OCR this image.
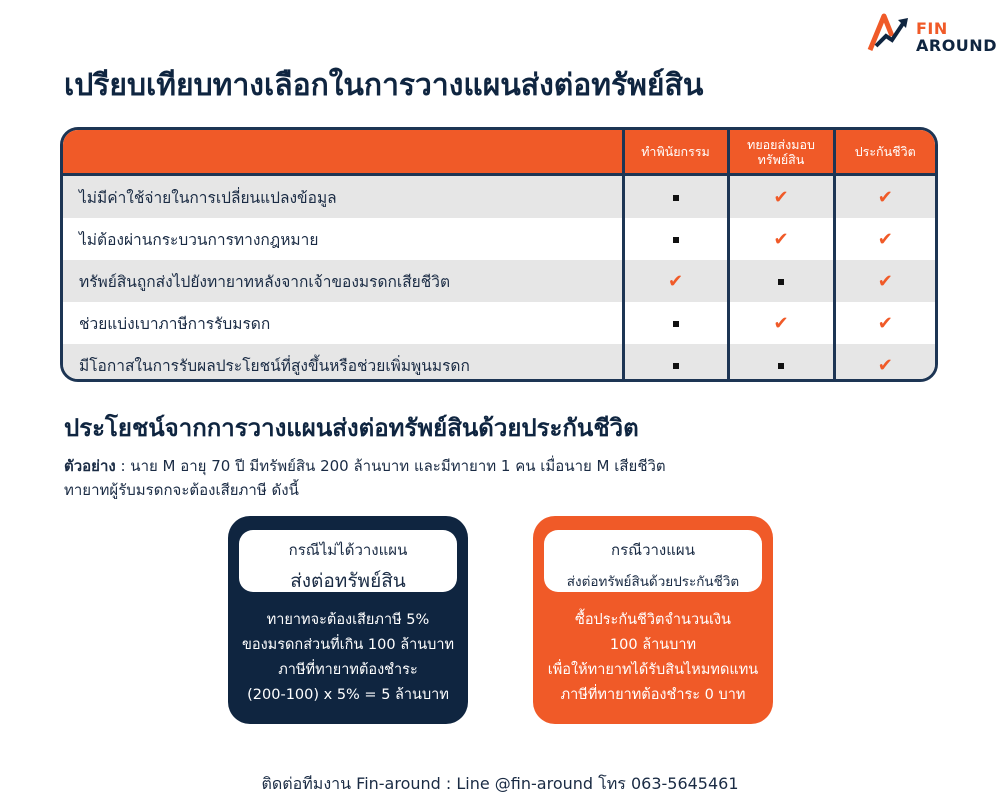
FIN
AROUND
เปรียบเทียบทางเลือกในการวางแผนส่งต่อทรัพย์สิน
	ทำพินัยกรรม	ทยอยส่งมอบทรัพย์สิน	ประกันชีวิต
ไม่มีค่าใช้จ่ายในการเปลี่ยนแปลงข้อมูล		✔	✔
ไม่ต้องผ่านกระบวนการทางกฎหมาย		✔	✔
ทรัพย์สินถูกส่งไปยังทายาทหลังจากเจ้าของมรดกเสียชีวิต	✔		✔
ช่วยแบ่งเบาภาษีการรับมรดก		✔	✔
มีโอกาสในการรับผลประโยชน์ที่สูงขึ้นหรือช่วยเพิ่มพูนมรดก			✔
ประโยชน์จากการวางแผนส่งต่อทรัพย์สินด้วยประกันชีวิต

ตัวอย่าง : นาย M อายุ 70 ปี มีทรัพย์สิน 200 ล้านบาท และมีทายาท 1 คน เมื่อนาย M เสียชีวิต
ทายาทผู้รับมรดกจะต้องเสียภาษี ดังนี้

กรณีไม่ได้วางแผน
ส่งต่อทรัพย์สิน
ทายาทจะต้องเสียภาษี 5%
ของมรดกส่วนที่เกิน 100 ล้านบาท
ภาษีที่ทายาทต้องชำระ
(200-100) x 5% = 5 ล้านบาท
กรณีวางแผน
ส่งต่อทรัพย์สินด้วยประกันชีวิต
ซื้อประกันชีวิตจำนวนเงิน
100 ล้านบาท
เพื่อให้ทายาทได้รับสินไหมทดแทน
ภาษีที่ทายาทต้องชำระ 0 บาท
ติดต่อทีมงาน Fin-around : Line @fin-around โทร 063-5645461
